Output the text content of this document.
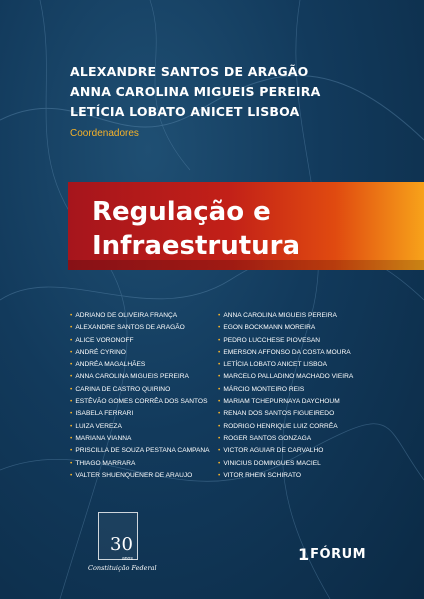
ALEXANDRE SANTOS DE ARAGÃO
ANNA CAROLINA MIGUEIS PEREIRA
LETÍCIA LOBATO ANICET LISBOA
Coordenadores
Regulação e
Infraestrutura
• ADRIANO DE OLIVEIRA FRANÇA
• ALEXANDRE SANTOS DE ARAGÃO
• ALICE VORONOFF
• ANDRÉ CYRINO
• ANDRÉA MAGALHÃES
• ANNA CAROLINA MIGUEIS PEREIRA
• CARINA DE CASTRO QUIRINO
• ESTÊVÃO GOMES CORRÊA DOS SANTOS
• ISABELA FERRARI
• LUIZA VEREZA
• MARIANA VIANNA
• PRISCILLA DE SOUZA PESTANA CAMPANA
• THIAGO MARRARA
• VALTER SHUENQUENER DE ARAUJO
• ANNA CAROLINA MIGUEIS PEREIRA
• EGON BOCKMANN MOREIRA
• PEDRO LUCCHESE PIOVESAN
• EMERSON AFFONSO DA COSTA MOURA
• LETÍCIA LOBATO ANICET LISBOA
• MARCELO PALLADINO MACHADO VIEIRA
• MÁRCIO MONTEIRO REIS
• MARIAM TCHEPURNAYA DAYCHOUM
• RENAN DOS SANTOS FIGUEIREDO
• RODRIGO HENRIQUE LUIZ CORRÊA
• ROGER SANTOS GONZAGA
• VICTOR AGUIAR DE CARVALHO
• VINICIUS DOMINGUES MACIEL
• VITOR RHEIN SCHIRATO
30
anos
Constituição Federal
1 FÓRUM
